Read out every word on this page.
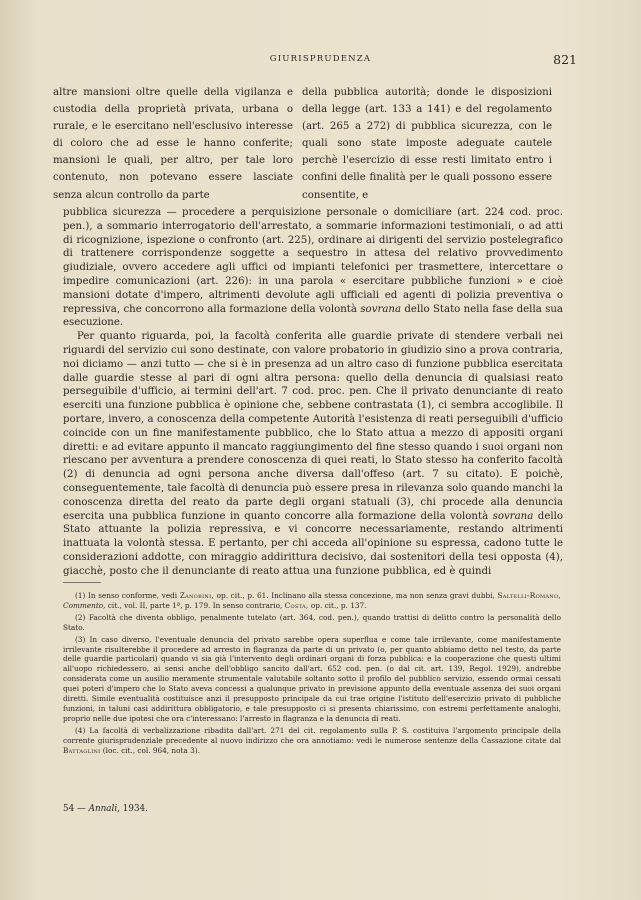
GIURISPRUDENZA	821

altre mansioni oltre quelle della vigilanza e custodia della proprietà privata, urbana o rurale, e le esercitano nell'esclusivo interesse di coloro che ad esse le hanno conferite; mansioni le quali, per altro, per tale loro contenuto, non potevano essere lasciate senza alcun controllo da parte

della pubblica autorità; donde le disposizioni della legge (art. 133 a 141) e del regolamento (art. 265 a 272) di pubblica sicurezza, con le quali sono state imposte adeguate cautele perchè l'esercizio di esse resti limitato entro i confini delle finalità per le quali possono essere consentite, e

pubblica sicurezza — procedere a perquisizione personale o domiciliare (art. 224 cod. proc. pen.), a sommario interrogatorio dell'arrestato, a sommarie informazioni testimoniali, o ad atti di ricognizione, ispezione o confronto (art. 225), ordinare ai dirigenti del servizio postelegrafico di trattenere corrispondenze soggette a sequestro in attesa del relativo provvedimento giudiziale, ovvero accedere agli uffici od impianti telefonici per trasmettere, intercettare o impedire comunicazioni (art. 226): in una parola « esercitare pubbliche funzioni » e cioè mansioni dotate d'impero, altrimenti devolute agli ufficiali ed agenti di polizia preventiva o repressiva, che concorrono alla formazione della volontà sovrana dello Stato nella fase della sua esecuzione.

Per quanto riguarda, poi, la facoltà conferita alle guardie private di stendere verbali nei riguardi del servizio cui sono destinate, con valore probatorio in giudizio sino a prova contraria, noi diciamo — anzi tutto — che si è in presenza ad un altro caso di funzione pubblica esercitata dalle guardie stesse al pari di ogni altra persona: quello della denuncia di qualsiasi reato perseguibile d'ufficio, ai termini dell'art. 7 cod. proc. pen. Che il privato denunciante di reato eserciti una funzione pubblica è opinione che, sebbene contrastata (1), ci sembra accoglibile. Il portare, invero, a conoscenza della competente Autorità l'esistenza di reati perseguibili d'ufficio coincide con un fine manifestamente pubblico, che lo Stato attua a mezzo di appositi organi diretti: e ad evitare appunto il mancato raggiungimento del fine stesso quando i suoi organi non riescano per avventura a prendere conoscenza di quei reati, lo Stato stesso ha conferito facoltà (2) di denuncia ad ogni persona anche diversa dall'offeso (art. 7 su citato). E poichè, conseguentemente, tale facoltà di denuncia può essere presa in rilevanza solo quando manchi la conoscenza diretta del reato da parte degli organi statuali (3), chi procede alla denuncia esercita una pubblica funzione in quanto concorre alla formazione della volontà sovrana dello Stato attuante la polizia repressiva, e vi concorre necessariamente, restando altrimenti inattuata la volontà stessa. E pertanto, per chi acceda all'opinione su espressa, cadono tutte le considerazioni addotte, con miraggio addirittura decisivo, dai sostenitori della tesi opposta (4), giacchè, posto che il denunciante di reato attua una funzione pubblica, ed è quindi

(1) In senso conforme, vedi Zanobini, op. cit., p. 61. Inclinano alla stessa concezione, ma non senza gravi dubbi, Saltelli-Romano, Commento, cit., vol. II, parte 1ª, p. 179. In senso contrario, Costa, op. cit., p. 137.

(2) Facoltà che diventa obbligo, penalmente tutelato (art. 364, cod. pen.), quando trattisi di delitto contro la personalità dello Stato.

(3) In caso diverso, l'eventuale denuncia del privato sarebbe opera superflua e come tale irrilevante, come manifestamente irrilevante risulterebbe il procedere ad arresto in flagranza da parte di un privato (o, per quanto abbiamo detto nel testo, da parte delle guardie particolari) quando vi sia già l'intervento degli ordinari organi di forza pubblica: e la cooperazione che questi ultimi all'uopo richiedessero, ai sensi anche dell'obbligo sancito dall'art. 652 cod. pen. (o dal cit. art. 139, Regol. 1929), andrebbe considerata come un ausilio meramente strumentale valutabile soltanto sotto il profilo del pubblico servizio, essendo ormai cessati quei poteri d'impero che lo Stato aveva concessi a qualunque privato in previsione appunto della eventuale assenza dei suoi organi diretti. Simile eventualità costituisce anzi il presupposto principale da cui trae origine l'istituto dell'esercizio privato di pubbliche funzioni, in taluni casi addirittura obbligatorio, e tale presupposto ci si presenta chiarissimo, con estremi perfettamente analoghi, proprio nelle due ipotesi che ora c'interessano: l'arresto in flagranza e la denuncia di reati.

(4) La facoltà di verbalizzazione ribadita dall'art. 271 del cit. regolamento sulla P. S. costituiva l'argomento principale della corrente giurisprudenziale precedente al nuovo indirizzo che ora annotiamo: vedi le numerose sentenze della Cassazione citate dal Battaglini (loc. cit., col. 964, nota 3).

54 — Annali, 1934.
